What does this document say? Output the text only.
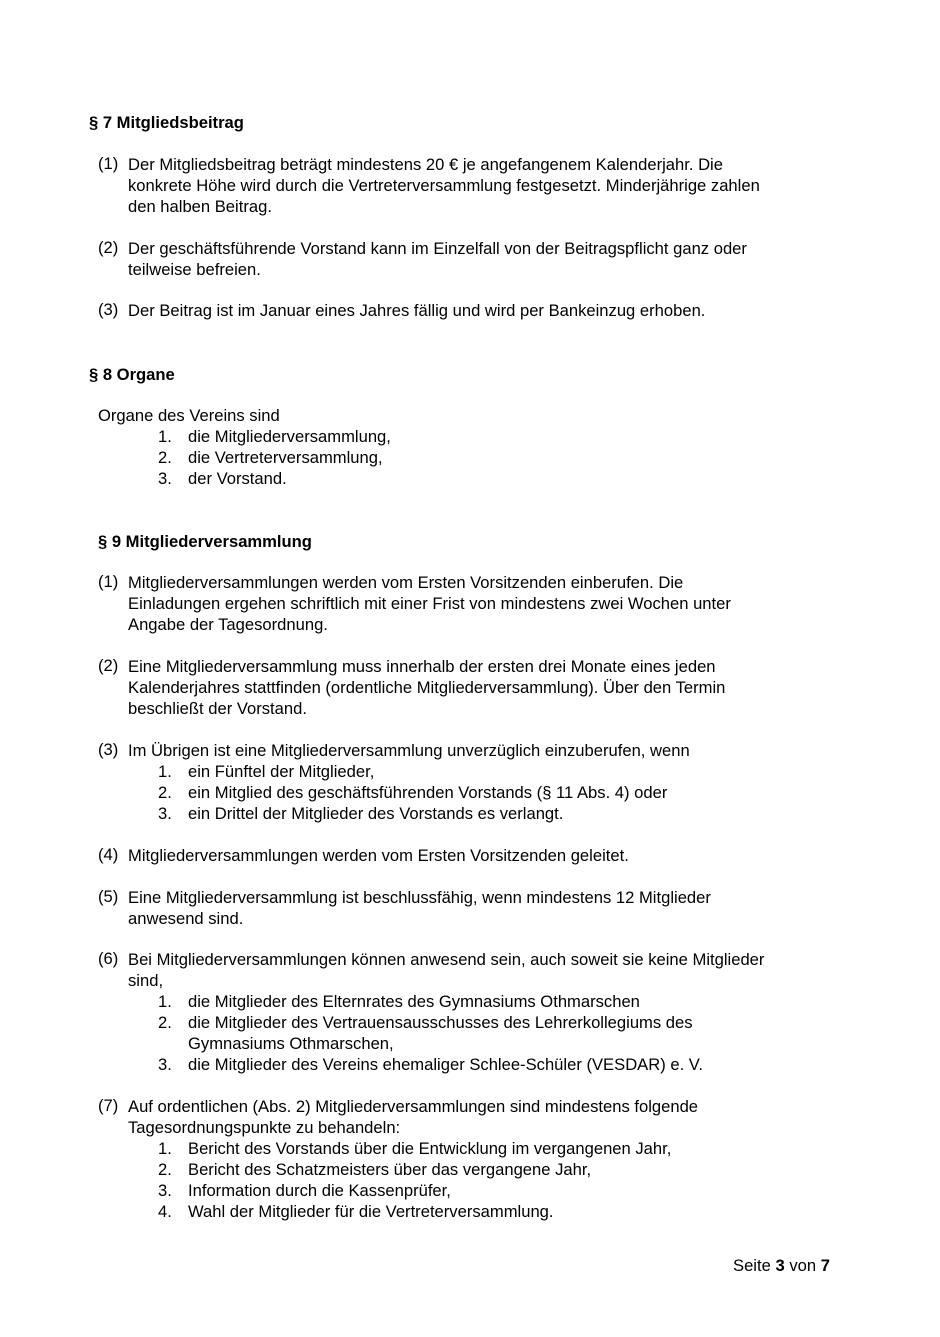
§ 7 Mitgliedsbeitrag
(1) Der Mitgliedsbeitrag beträgt mindestens 20 € je angefangenem Kalenderjahr. Die
konkrete Höhe wird durch die Vertreterversammlung festgesetzt. Minderjährige zahlen
den halben Beitrag.
(2) Der geschäftsführende Vorstand kann im Einzelfall von der Beitragspflicht ganz oder
teilweise befreien.
(3) Der Beitrag ist im Januar eines Jahres fällig und wird per Bankeinzug erhoben.
§ 8 Organe
Organe des Vereins sind
1. die Mitgliederversammlung,
2. die Vertreterversammlung,
3. der Vorstand.
§ 9 Mitgliederversammlung
(1) Mitgliederversammlungen werden vom Ersten Vorsitzenden einberufen. Die
Einladungen ergehen schriftlich mit einer Frist von mindestens zwei Wochen unter
Angabe der Tagesordnung.
(2) Eine Mitgliederversammlung muss innerhalb der ersten drei Monate eines jeden
Kalenderjahres stattfinden (ordentliche Mitgliederversammlung). Über den Termin
beschließt der Vorstand.
(3) Im Übrigen ist eine Mitgliederversammlung unverzüglich einzuberufen, wenn
1. ein Fünftel der Mitglieder,
2. ein Mitglied des geschäftsführenden Vorstands (§ 11 Abs. 4) oder
3. ein Drittel der Mitglieder des Vorstands es verlangt.
(4) Mitgliederversammlungen werden vom Ersten Vorsitzenden geleitet.
(5) Eine Mitgliederversammlung ist beschlussfähig, wenn mindestens 12 Mitglieder
anwesend sind.
(6) Bei Mitgliederversammlungen können anwesend sein, auch soweit sie keine Mitglieder
sind,
1. die Mitglieder des Elternrates des Gymnasiums Othmarschen
2. die Mitglieder des Vertrauensausschusses des Lehrerkollegiums des
Gymnasiums Othmarschen,
3. die Mitglieder des Vereins ehemaliger Schlee-Schüler (VESDAR) e. V.
(7) Auf ordentlichen (Abs. 2) Mitgliederversammlungen sind mindestens folgende
Tagesordnungspunkte zu behandeln:
1. Bericht des Vorstands über die Entwicklung im vergangenen Jahr,
2. Bericht des Schatzmeisters über das vergangene Jahr,
3. Information durch die Kassenprüfer,
4. Wahl der Mitglieder für die Vertreterversammlung.
Seite 3 von 7
